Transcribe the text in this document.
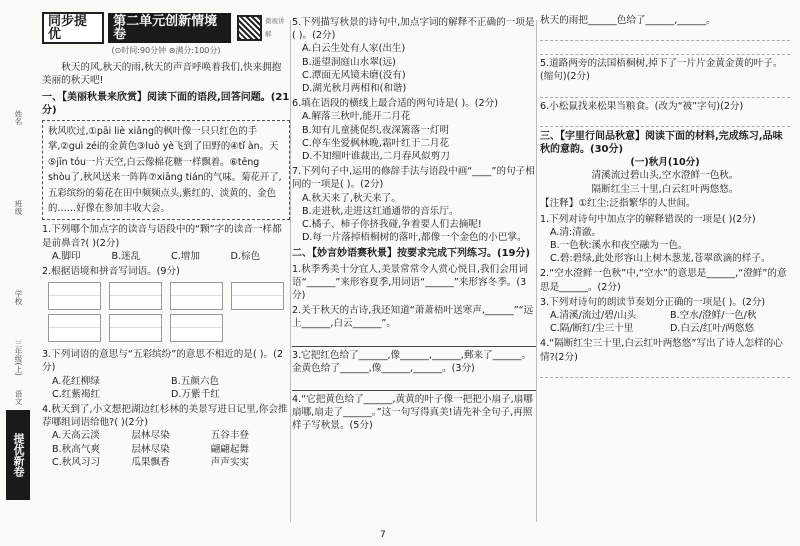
姓名
班级
学校
三年级(上)
语文
提优新卷
同步提优
第二单元创新情境卷
微视讲解
(⊙时间:90分钟 ⊛满分:100分)

秋天的风,秋天的雨,秋天的声音呼唤着我们,快来拥抱美丽的秋天吧!

一、【美丽秋景来欣赏】阅读下面的语段,回答问题。(21分)

秋风吹过,①pāi liè xiǎng的枫叶像一只只红色的手掌,②guì zéi的金黄色③luò yè飞到了田野的④tǐ àn。天⑤jīn tóu一片天空,白云像棉花糖一样飘着。⑥tēng shòu了,秋风送来一阵阵⑦xiāng tián的气味。菊花开了,五彩缤纷的菊花在田中频频点头,紫红的、淡黄的、金色的……好像在参加丰收大会。

1.下列哪个加点字的读音与语段中的“颗”字的读音一样都是前鼻音?( )(2分)

A.脚印	B.迷乱	C.增加	D.棕色

2.根据语境和拼音写词语。(9分)

3.下列词语的意思与“五彩缤纷”的意思不相近的是( )。(2分)

A.花红柳绿	B.五颜六色
C.红紫褐红	D.万紫千红

4.秋天到了,小文想把湖边红杉林的美景写进日记里,你会推荐哪组词语给他?( )(2分)

A.天高云淡	层林尽染	五谷丰登
B.秋高气爽	层林尽染	翩翩起舞
C.秋风习习	瓜果飘香	声声实实

5.下列描写秋景的诗句中,加点字词的解释不正确的一项是( )。(2分)

A.白云生处有人家(出生)

B.遥望洞庭山水翠(远)

C.潭面无风镜未磨(没有)

D.湖光秋月两相和(和谐)

6.填在语段的横线上最合适的两句诗是( )。(2分)

A.解落三秋叶,能开二月花

B.知有儿童挑促织,夜深篱落一灯明

C.停车坐爱枫林晚,霜叶红于二月花

D.不知细叶谁裁出,二月春风似剪刀

7.下列句子中,运用的修辞手法与语段中画“____”的句子相同的一项是( )。(2分)

A.秋天来了,秋天来了。

B.走进秋,走进这红通通带的音乐厅。

C.橘子、柿子你挤我碰,争着要人们去摘呢!

D.每一片落掉梧桐树的落叶,都像一个金色的小巴掌。

二、【妙言妙语赛秋景】按要求完成下列练习。(19分)

1.秋季秀美十分宜人,美景常常令人赏心悦目,我们会用词语“______”来形容夏季,用词语“______”来形容冬季。(3分)

2.关于秋天的古诗,我还知道“萧萧梧叶送寒声,______”“远上______,白云______”。

3.它把红色给了______,像______,______,郵来了______。金黄色给了______,像______,______。(3分)

4.“它把黄色给了______,黄黄的叶子像一把把小扇子,扇哪扇哪,扇走了______。”这一句写得真美!请先补全句子,再照样子写秋景。(5分)

秋天的雨把______色给了______,______。

5.道路两旁的法国梧桐树,掉下了一片片金黄金黄的叶子。(缩句)(2分)

6.小松鼠找来松果当粮食。(改为“被”字句)(2分)

三、【字里行间品秋意】阅读下面的材料,完成练习,品味秋的意韵。(30分)

(一)秋月(10分)

清溪流过碧山头,空水澄鲜一色秋。

隔断红尘三十里,白云红叶两悠悠。

【注释】①红尘:泛指繁华的人世间。

1.下列对诗句中加点字的解释错误的一项是( )(2分)

A.清:清澈。

B.一色秋:溪水和夜空融为一色。

C.碧:碧绿,此处形容山上树木葱茏,苍翠欲滴的样子。

2.“空水澄鲜一色秋”中,“空水”的意思是______,“澄鲜”的意思是______。(2分)

3.下列对诗句的朗读节奏划分正确的一项是( )。(2分)

A.清溪/流过/碧/山头	B.空水/澄鲜/一色/秋
C.隔/断红/尘三十里	D.白云/红叶/两悠悠

4.“隔断红尘三十里,白云红叶两悠悠”写出了诗人怎样的心情?(2分)

7
